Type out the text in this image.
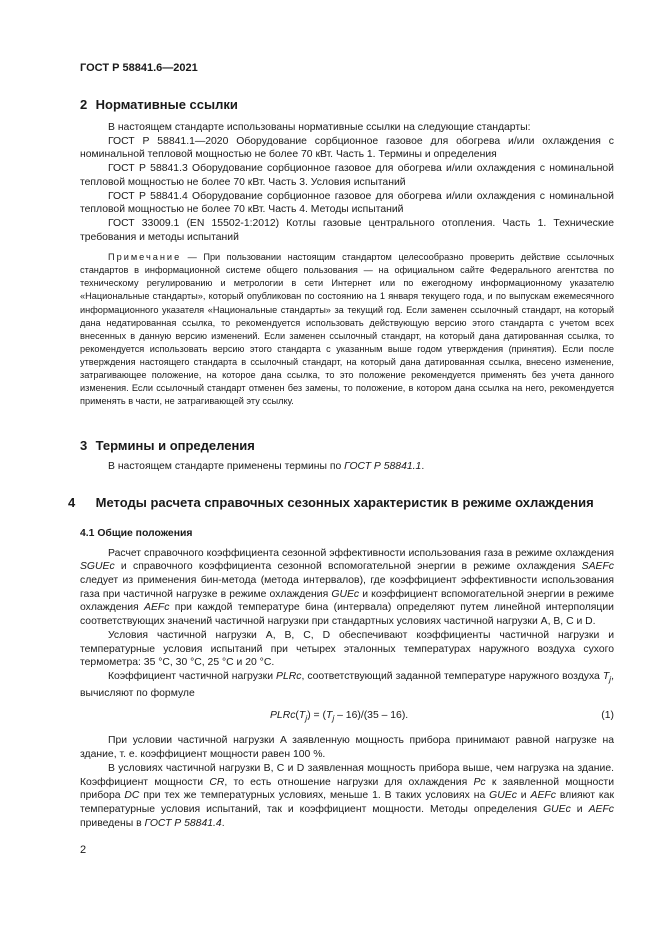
ГОСТ Р 58841.6—2021
2 Нормативные ссылки

В настоящем стандарте использованы нормативные ссылки на следующие стандарты:

ГОСТ Р 58841.1—2020 Оборудование сорбционное газовое для обогрева и/или охлаждения с номинальной тепловой мощностью не более 70 кВт. Часть 1. Термины и определения

ГОСТ Р 58841.3 Оборудование сорбционное газовое для обогрева и/или охлаждения с номинальной тепловой мощностью не более 70 кВт. Часть 3. Условия испытаний

ГОСТ Р 58841.4 Оборудование сорбционное газовое для обогрева и/или охлаждения с номинальной тепловой мощностью не более 70 кВт. Часть 4. Методы испытаний

ГОСТ 33009.1 (EN 15502-1:2012) Котлы газовые центрального отопления. Часть 1. Технические требования и методы испытаний

Примечание — При пользовании настоящим стандартом целесообразно проверить действие ссылочных стандартов в информационной системе общего пользования — на официальном сайте Федерального агентства по техническому регулированию и метрологии в сети Интернет или по ежегодному информационному указателю «Национальные стандарты», который опубликован по состоянию на 1 января текущего года, и по выпускам ежемесячного информационного указателя «Национальные стандарты» за текущий год. Если заменен ссылочный стандарт, на который дана недатированная ссылка, то рекомендуется использовать действующую версию этого стандарта с учетом всех внесенных в данную версию изменений. Если заменен ссылочный стандарт, на который дана датированная ссылка, то рекомендуется использовать версию этого стандарта с указанным выше годом утверждения (принятия). Если после утверждения настоящего стандарта в ссылочный стандарт, на который дана датированная ссылка, внесено изменение, затрагивающее положение, на которое дана ссылка, то это положение рекомендуется применять без учета данного изменения. Если ссылочный стандарт отменен без замены, то положение, в котором дана ссылка на него, рекомендуется применять в части, не затрагивающей эту ссылку.

3 Термины и определения

В настоящем стандарте применены термины по ГОСТ Р 58841.1.

4 Методы расчета справочных сезонных характеристик в режиме охлаждения
4.1 Общие положения

Расчет справочного коэффициента сезонной эффективности использования газа в режиме охлаждения SGUEc и справочного коэффициента сезонной вспомогательной энергии в режиме охлаждения SAEFc следует из применения бин-метода (метода интервалов), где коэффициент эффективности использования газа при частичной нагрузке в режиме охлаждения GUEc и коэффициент вспомогательной энергии в режиме охлаждения AEFc при каждой температуре бина (интервала) определяют путем линейной интерполяции соответствующих значений частичной нагрузки при стандартных условиях частичной нагрузки A, B, C и D.

Условия частичной нагрузки A, B, C, D обеспечивают коэффициенты частичной нагрузки и температурные условия испытаний при четырех эталонных температурах наружного воздуха сухого термометра: 35 °C, 30 °C, 25 °C и 20 °C.

Коэффициент частичной нагрузки PLRc, соответствующий заданной температуре наружного воздуха $T_j$, вычисляют по формуле

$PLRc(T_j) = (T_j - 16)/(35 - 16)$.	(1)

При условии частичной нагрузки A заявленную мощность прибора принимают равной нагрузке на здание, т. е. коэффициент мощности равен 100 %.

В условиях частичной нагрузки B, C и D заявленная мощность прибора выше, чем нагрузка на здание. Коэффициент мощности CR, то есть отношение нагрузки для охлаждения Pc к заявленной мощности прибора DC при тех же температурных условиях, меньше 1. В таких условиях на GUEc и AEFc влияют как температурные условия испытаний, так и коэффициент мощности. Методы определения GUEc и AEFc приведены в ГОСТ Р 58841.4.

2
